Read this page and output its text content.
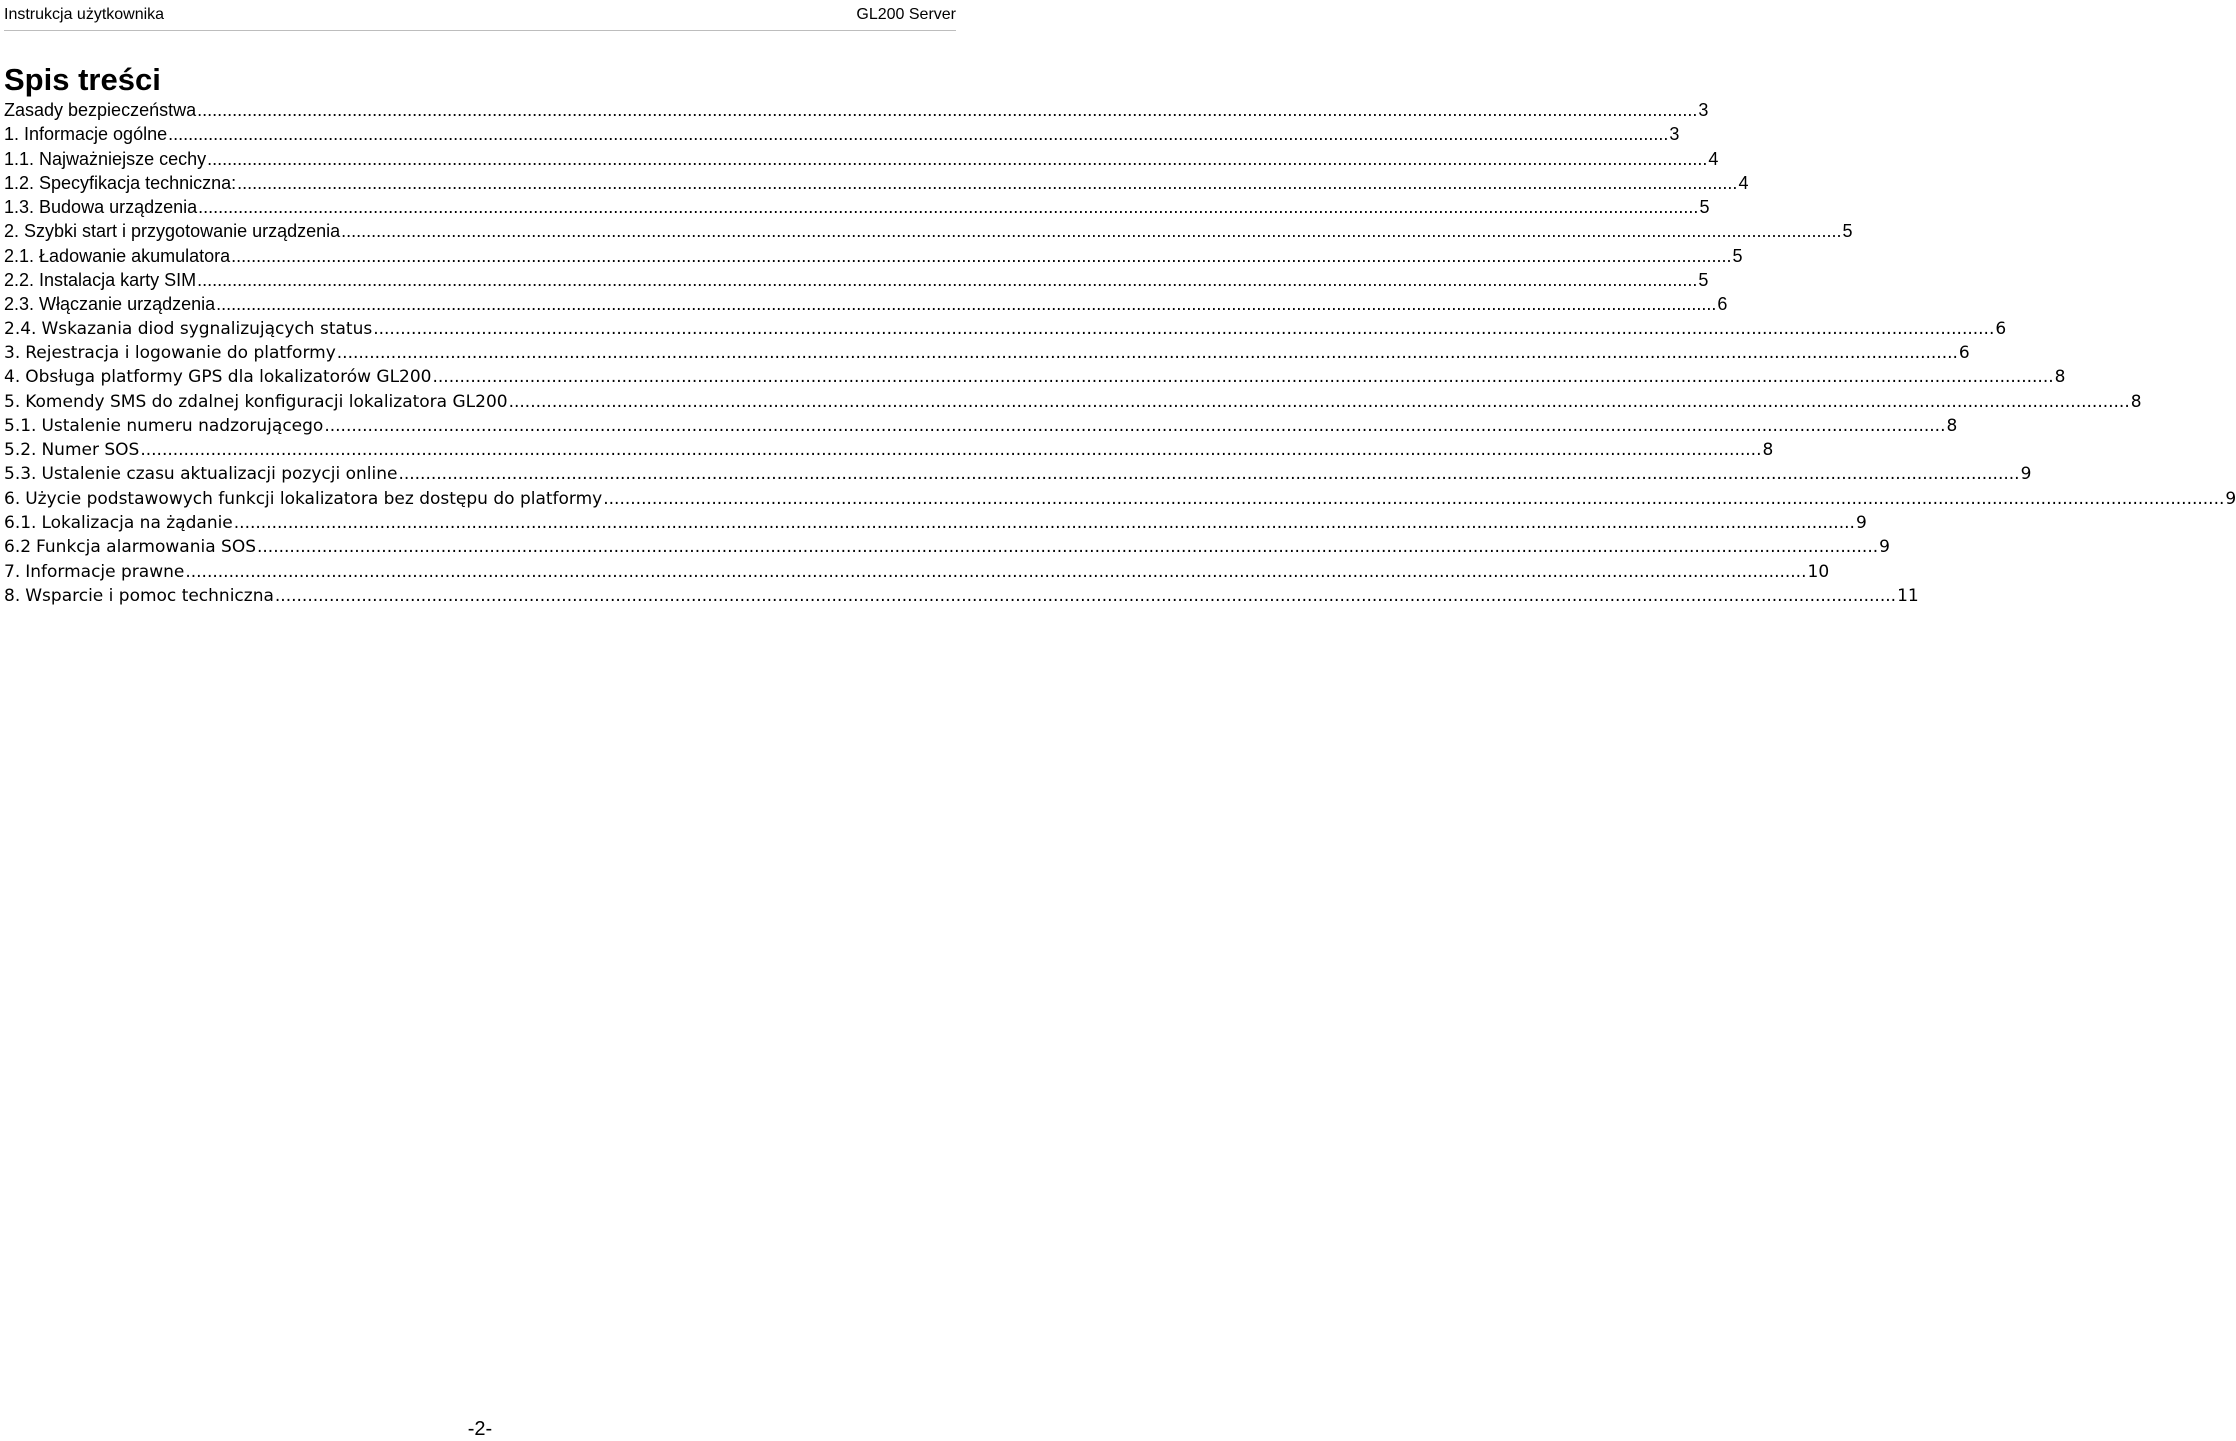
Instrukcja użytkownika	GL200 Server
Spis treści
Zasady bezpieczeństwa ............................................................................................................................................................................................................................................................................................................ 3
1. Informacje ogólne ............................................................................................................................................................................................................................................................................................................ 3
1.1. Najważniejsze cechy ............................................................................................................................................................................................................................................................................................................ 4
1.2. Specyfikacja techniczna: ............................................................................................................................................................................................................................................................................................................ 4
1.3. Budowa urządzenia ............................................................................................................................................................................................................................................................................................................ 5
2. Szybki start i przygotowanie urządzenia ............................................................................................................................................................................................................................................................................................................ 5
2.1. Ładowanie akumulatora ............................................................................................................................................................................................................................................................................................................ 5
2.2. Instalacja karty SIM ............................................................................................................................................................................................................................................................................................................ 5
2.3. Włączanie urządzenia ............................................................................................................................................................................................................................................................................................................ 6
2.4. Wskazania diod sygnalizujących status ............................................................................................................................................................................................................................................................................................................ 6
3. Rejestracja i logowanie do platformy ............................................................................................................................................................................................................................................................................................................ 6
4. Obsługa platformy GPS dla lokalizatorów GL200 ............................................................................................................................................................................................................................................................................................................ 8
5. Komendy SMS do zdalnej konfiguracji lokalizatora GL200 ............................................................................................................................................................................................................................................................................................................ 8
5.1. Ustalenie numeru nadzorującego ............................................................................................................................................................................................................................................................................................................ 8
5.2. Numer SOS ............................................................................................................................................................................................................................................................................................................ 8
5.3. Ustalenie czasu aktualizacji pozycji online ............................................................................................................................................................................................................................................................................................................ 9
6. Użycie podstawowych funkcji lokalizatora bez dostępu do platformy ............................................................................................................................................................................................................................................................................................................ 9
6.1. Lokalizacja na żądanie ............................................................................................................................................................................................................................................................................................................ 9
6.2 Funkcja alarmowania SOS ............................................................................................................................................................................................................................................................................................................ 9
7. Informacje prawne ............................................................................................................................................................................................................................................................................................................ 10
8. Wsparcie i pomoc techniczna ............................................................................................................................................................................................................................................................................................................ 11
-2-
